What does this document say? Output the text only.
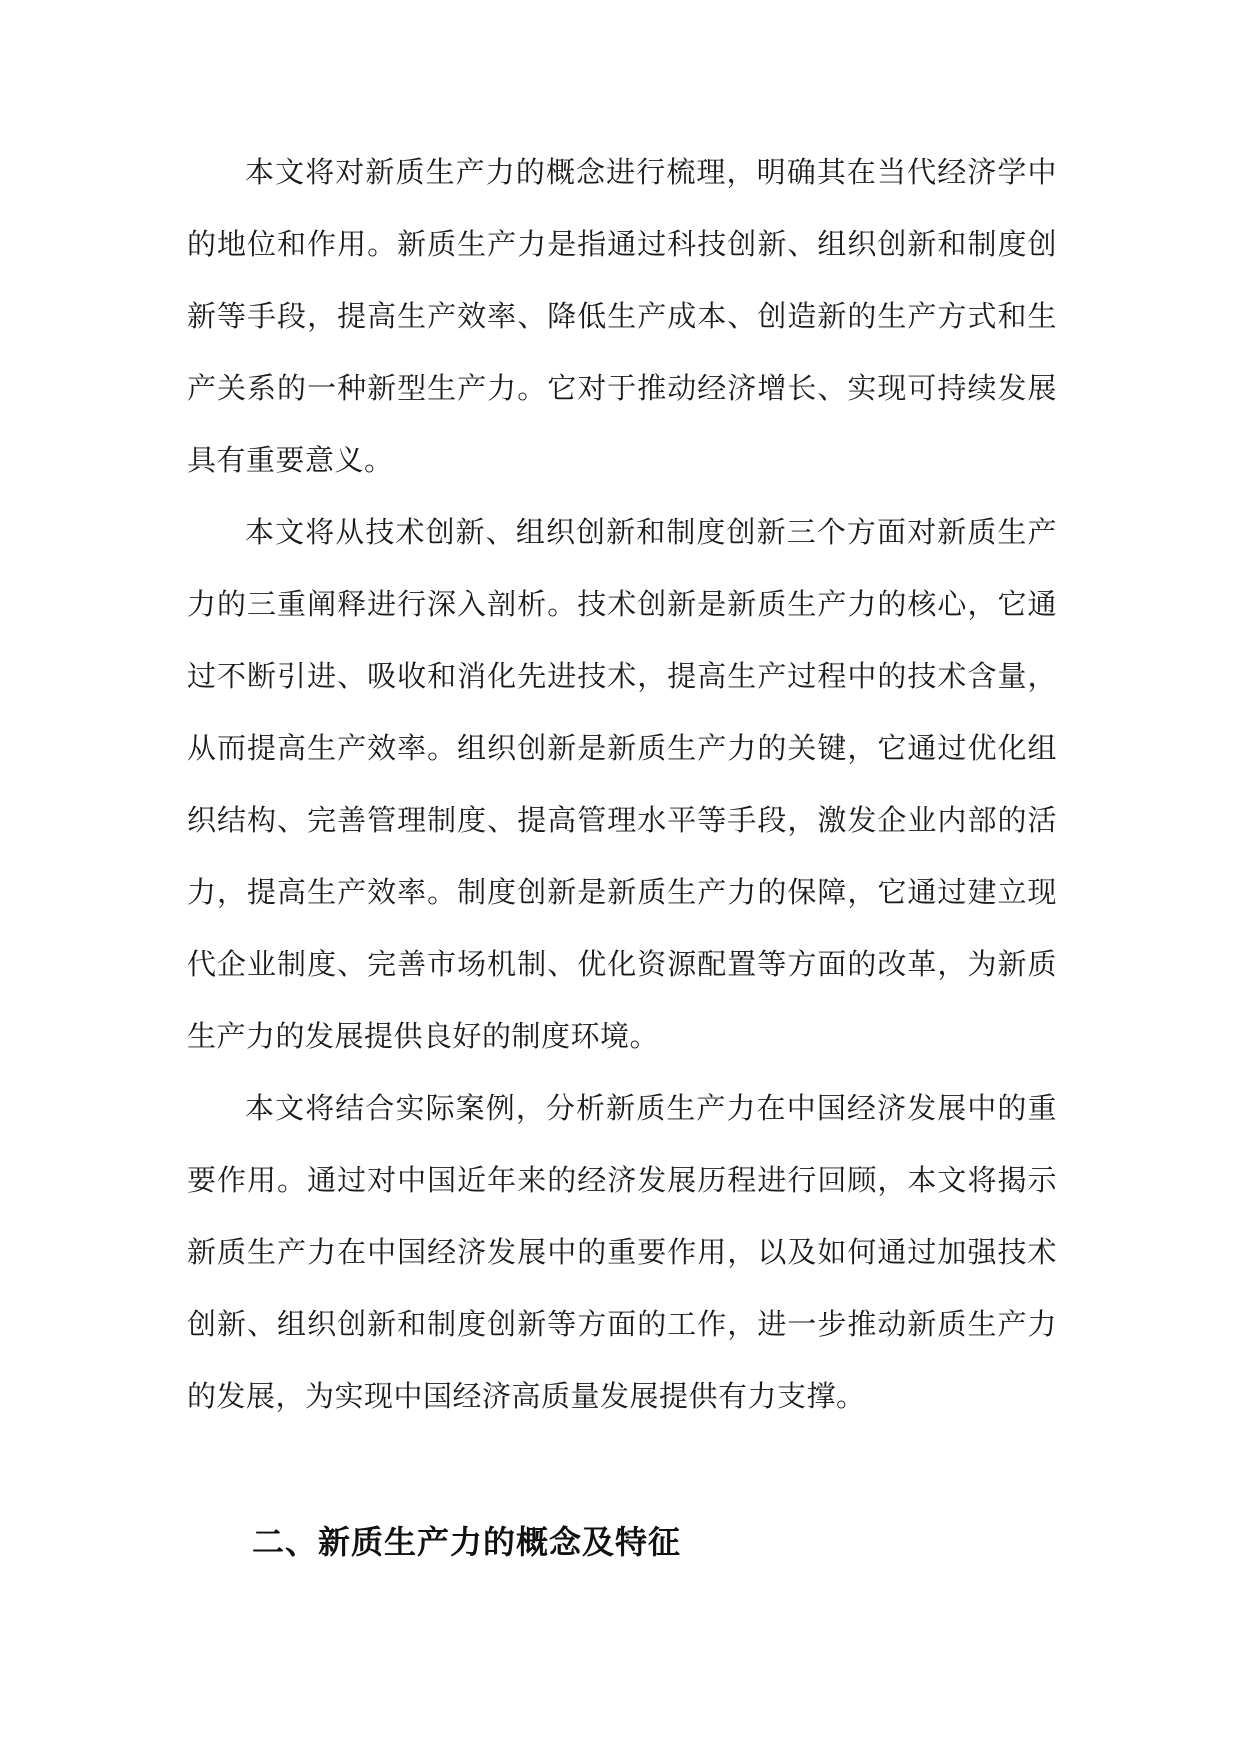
本文将对新质生产力的概念进行梳理，明确其在当代经济学中的地位和作用。新质生产力是指通过科技创新、组织创新和制度创新等手段，提高生产效率、降低生产成本、创造新的生产方式和生产关系的一种新型生产力。它对于推动经济增长、实现可持续发展具有重要意义。

本文将从技术创新、组织创新和制度创新三个方面对新质生产力的三重阐释进行深入剖析。技术创新是新质生产力的核心，它通过不断引进、吸收和消化先进技术，提高生产过程中的技术含量，从而提高生产效率。组织创新是新质生产力的关键，它通过优化组织结构、完善管理制度、提高管理水平等手段，激发企业内部的活力，提高生产效率。制度创新是新质生产力的保障，它通过建立现代企业制度、完善市场机制、优化资源配置等方面的改革，为新质生产力的发展提供良好的制度环境。

本文将结合实际案例，分析新质生产力在中国经济发展中的重要作用。通过对中国近年来的经济发展历程进行回顾，本文将揭示新质生产力在中国经济发展中的重要作用，以及如何通过加强技术创新、组织创新和制度创新等方面的工作，进一步推动新质生产力的发展，为实现中国经济高质量发展提供有力支撑。

二、新质生产力的概念及特征
